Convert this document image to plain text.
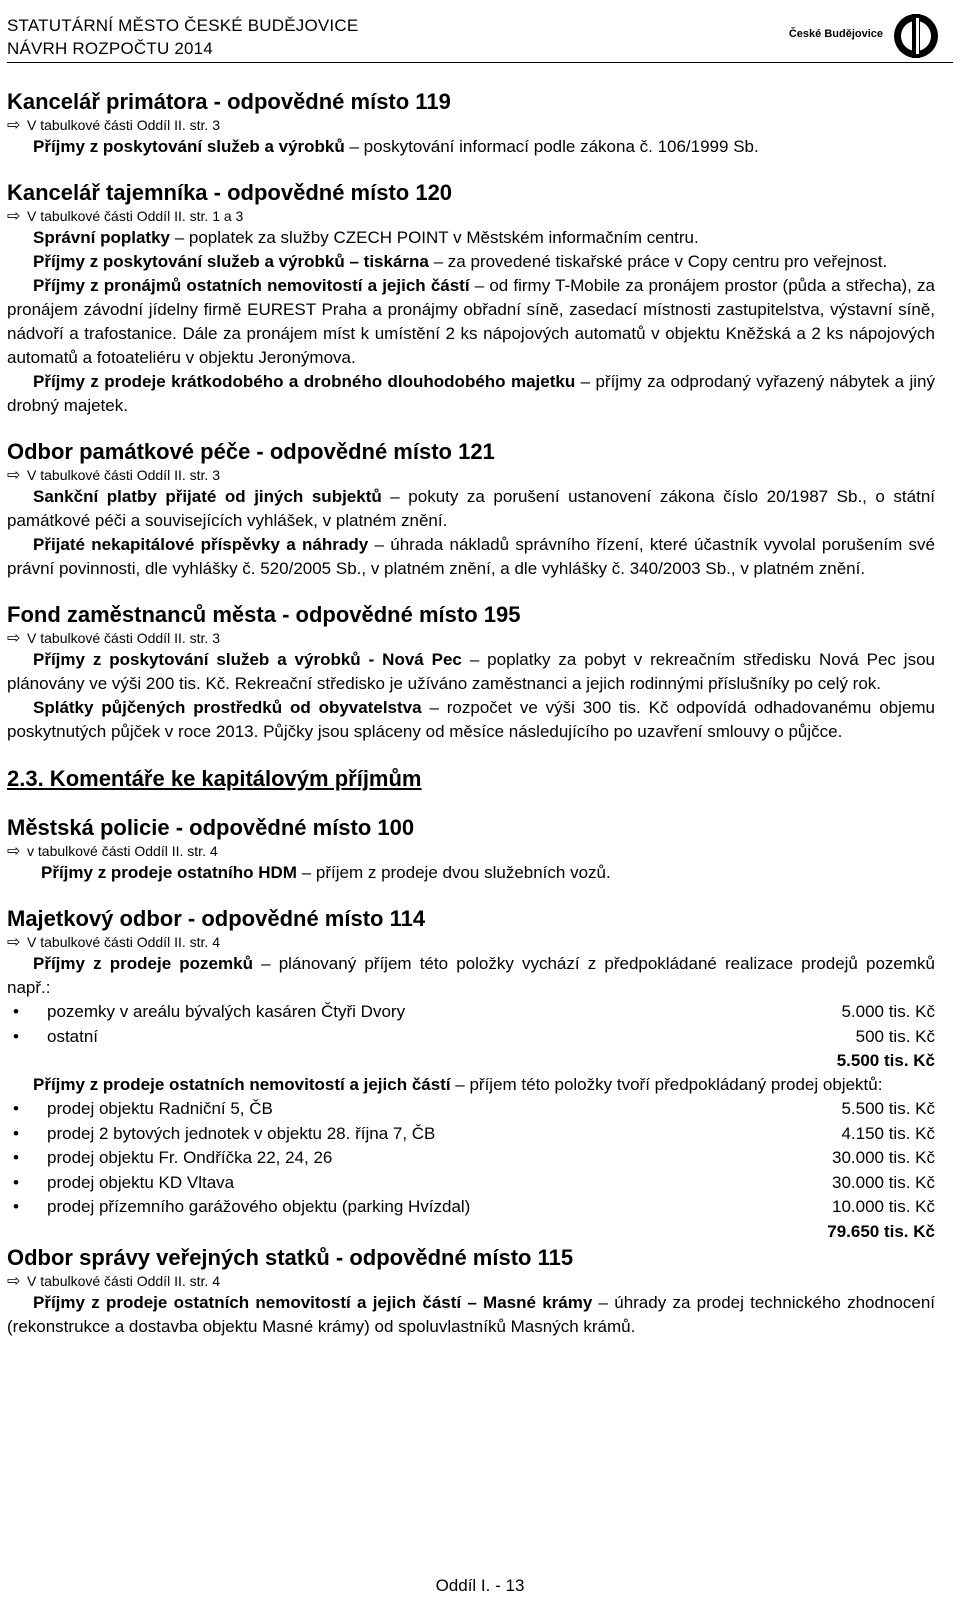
STATUTÁRNÍ MĚSTO ČESKÉ BUDĚJOVICE
NÁVRH ROZPOČTU 2014
České Budějovice
Kancelář primátora - odpovědné místo 119
⇨ V tabulkové části Oddíl II. str. 3

Příjmy z poskytování služeb a výrobků – poskytování informací podle zákona č. 106/1999 Sb.

Kancelář tajemníka - odpovědné místo 120
⇨ V tabulkové části Oddíl II. str. 1 a 3

Správní poplatky – poplatek za služby CZECH POINT v Městském informačním centru.

Příjmy z poskytování služeb a výrobků – tiskárna – za provedené tiskařské práce v Copy centru pro veřejnost.

Příjmy z pronájmů ostatních nemovitostí a jejich částí – od firmy T-Mobile za pronájem prostor (půda a střecha), za pronájem závodní jídelny firmě EUREST Praha a pronájmy obřadní síně, zasedací místnosti zastupitelstva, výstavní síně, nádvoří a trafostanice. Dále za pronájem míst k umístění 2 ks nápojových automatů v objektu Kněžská a 2 ks nápojových automatů a fotoateliéru v objektu Jeronýmova.

Příjmy z prodeje krátkodobého a drobného dlouhodobého majetku – příjmy za odprodaný vyřazený nábytek a jiný drobný majetek.

Odbor památkové péče - odpovědné místo 121
⇨ V tabulkové části Oddíl II. str. 3

Sankční platby přijaté od jiných subjektů – pokuty za porušení ustanovení zákona číslo 20/1987 Sb., o státní památkové péči a souvisejících vyhlášek, v platném znění.

Přijaté nekapitálové příspěvky a náhrady – úhrada nákladů správního řízení, které účastník vyvolal porušením své právní povinnosti, dle vyhlášky č. 520/2005 Sb., v platném znění, a dle vyhlášky č. 340/2003 Sb., v platném znění.

Fond zaměstnanců města - odpovědné místo 195
⇨ V tabulkové části Oddíl II. str. 3

Příjmy z poskytování služeb a výrobků - Nová Pec – poplatky za pobyt v rekreačním středisku Nová Pec jsou plánovány ve výši 200 tis. Kč. Rekreační středisko je užíváno zaměstnanci a jejich rodinnými příslušníky po celý rok.

Splátky půjčených prostředků od obyvatelstva – rozpočet ve výši 300 tis. Kč odpovídá odhadovanému objemu poskytnutých půjček v roce 2013. Půjčky jsou spláceny od měsíce následujícího po uzavření smlouvy o půjčce.

2.3. Komentáře ke kapitálovým příjmům
Městská policie - odpovědné místo 100
⇨ v tabulkové části Oddíl II. str. 4

Příjmy z prodeje ostatního HDM – příjem z prodeje dvou služebních vozů.

Majetkový odbor - odpovědné místo 114
⇨ V tabulkové části Oddíl II. str. 4

Příjmy z prodeje pozemků – plánovaný příjem této položky vychází z předpokládané realizace prodejů pozemků např.:

• pozemky v areálu bývalých kasáren Čtyři Dvory	5.000 tis. Kč
• ostatní	500 tis. Kč
5.500 tis. Kč

Příjmy z prodeje ostatních nemovitostí a jejich částí – příjem této položky tvoří předpokládaný prodej objektů:

• prodej objektu Radniční 5, ČB	5.500 tis. Kč
• prodej 2 bytových jednotek v objektu 28. října 7, ČB	4.150 tis. Kč
• prodej objektu Fr. Ondříčka 22, 24, 26	30.000 tis. Kč
• prodej objektu KD Vltava	30.000 tis. Kč
• prodej přízemního garážového objektu (parking Hvízdal)	10.000 tis. Kč
79.650 tis. Kč
Odbor správy veřejných statků - odpovědné místo 115
⇨ V tabulkové části Oddíl II. str. 4

Příjmy z prodeje ostatních nemovitostí a jejich částí – Masné krámy – úhrady za prodej technického zhodnocení (rekonstrukce a dostavba objektu Masné krámy) od spoluvlastníků Masných krámů.

Oddíl I. - 13
